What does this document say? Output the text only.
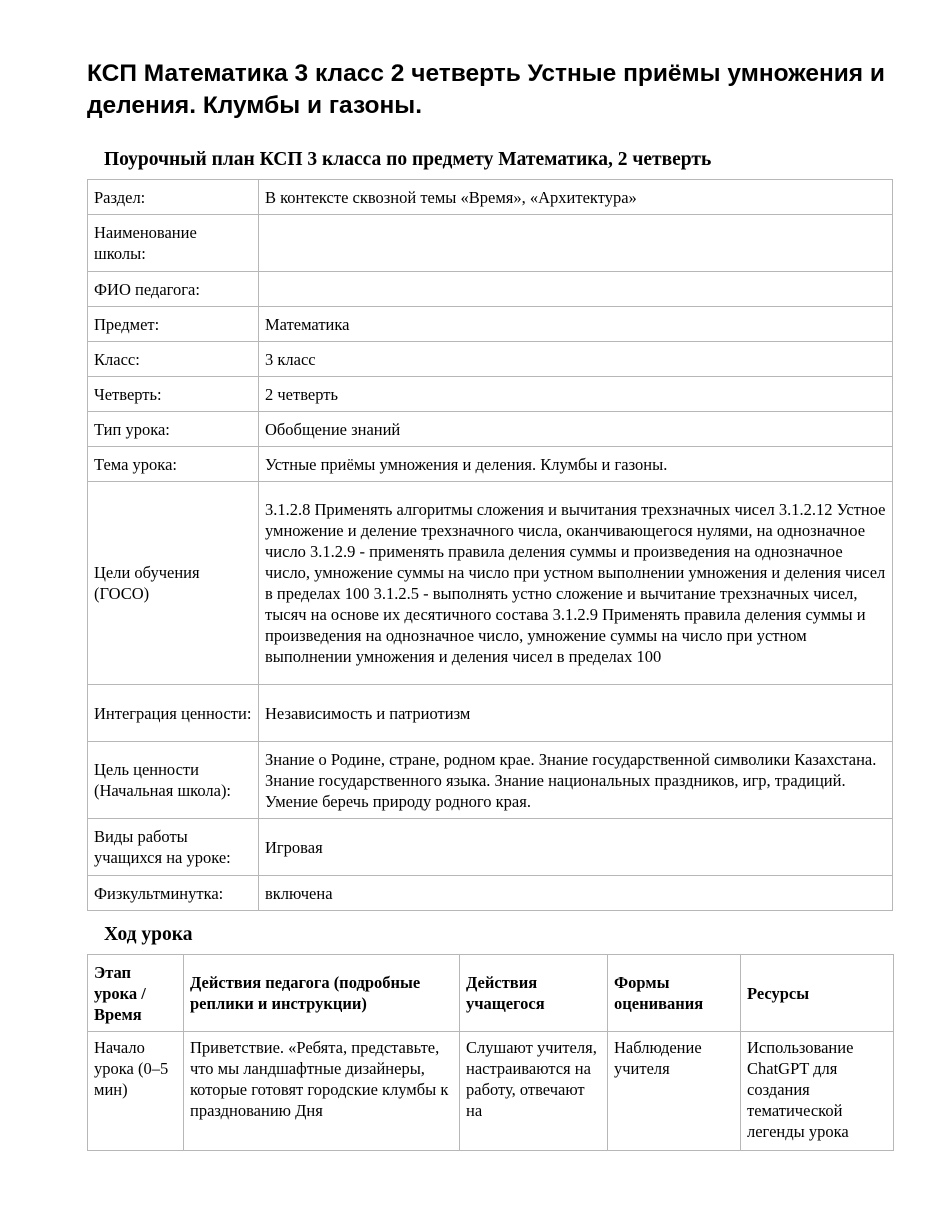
КСП Математика 3 класс 2 четверть Устные приёмы умножения и деления. Клумбы и газоны.
Поурочный план КСП 3 класса по предмету Математика, 2 четверть
Раздел:	В контексте сквозной темы «Время», «Архитектура»
Наименование школы:	
ФИО педагога:	
Предмет:	Математика
Класс:	3 класс
Четверть:	2 четверть
Тип урока:	Обобщение знаний
Тема урока:	Устные приёмы умножения и деления. Клумбы и газоны.
Цели обучения (ГОСО)	3.1.2.8 Применять алгоритмы сложения и вычитания трехзначных чисел 3.1.2.12 Устное умножение и деление трехзначного числа, оканчивающегося нулями, на однозначное число 3.1.2.9 - применять правила деления суммы и произведения на однозначное число, умножение суммы на число при устном выполнении умножения и деления чисел в пределах 100 3.1.2.5 - выполнять устно сложение и вычитание трехзначных чисел, тысяч на основе их десятичного состава 3.1.2.9 Применять правила деления суммы и произведения на однозначное число, умножение суммы на число при устном выполнении умножения и деления чисел в пределах 100
Интеграция ценности:	Независимость и патриотизм
Цель ценности (Начальная школа):	Знание о Родине, стране, родном крае. Знание государственной символики Казахстана. Знание государственного языка. Знание национальных праздников, игр, традиций. Умение беречь природу родного края.
Виды работы учащихся на уроке:	Игровая
Физкультминутка:	включена
Ход урока
Этап урока / Время	Действия педагога (подробные реплики и инструкции)	Действия учащегося	Формы оценивания	Ресурсы
Начало урока (0–5 мин)	Приветствие. «Ребята, представьте, что мы ландшафтные дизайнеры, которые готовят городские клумбы к празднованию Дня	Слушают учителя, настраиваются на работу, отвечают на	Наблюдение учителя	Использование ChatGPT для создания тематической легенды урока
